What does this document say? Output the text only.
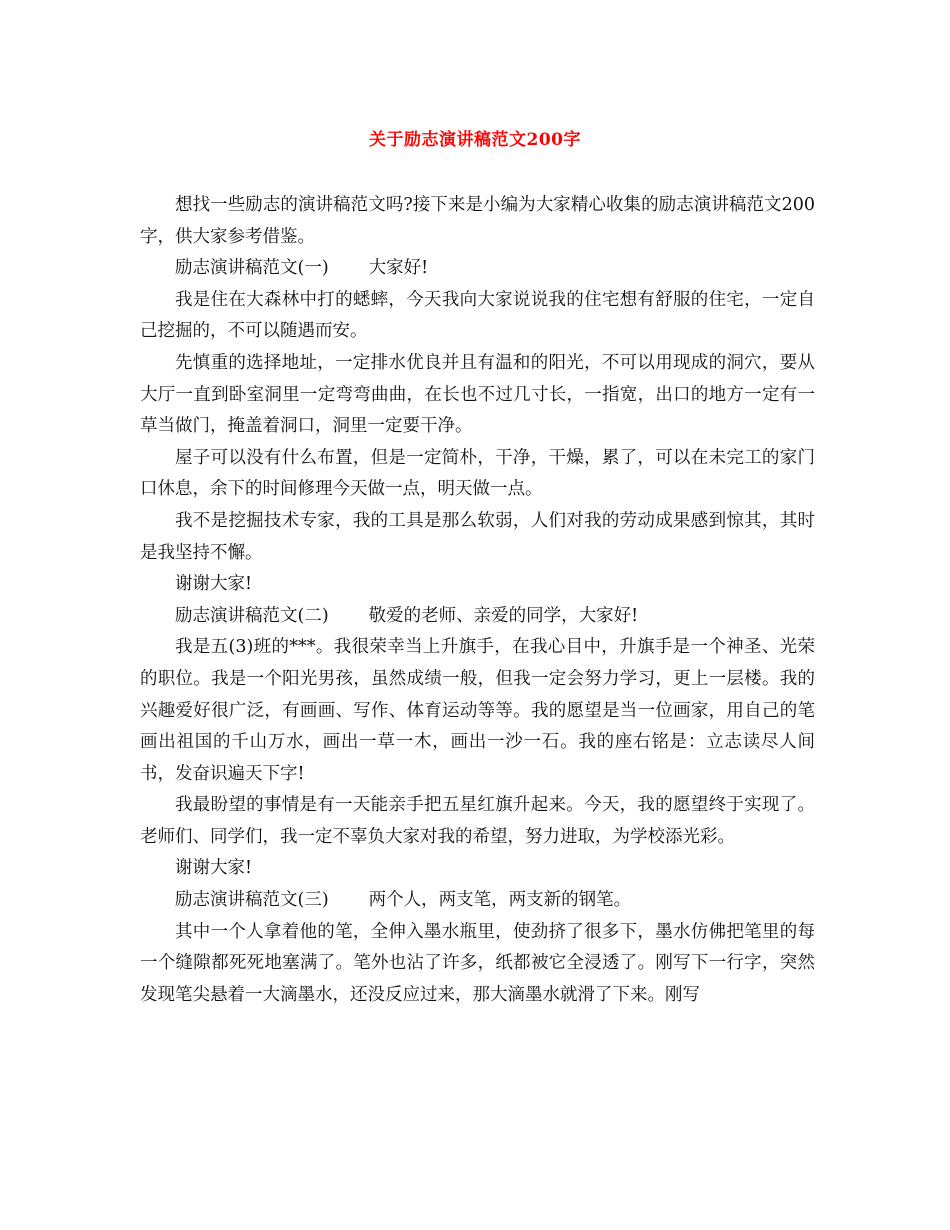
关于励志演讲稿范文200字

想找一些励志的演讲稿范文吗?接下来是小编为大家精心收集的励志演讲稿范文200字，供大家参考借鉴。

励志演讲稿范文(一) 大家好!

我是住在大森林中打的蟋蟀，今天我向大家说说我的住宅想有舒服的住宅，一定自己挖掘的，不可以随遇而安。

先慎重的选择地址，一定排水优良并且有温和的阳光，不可以用现成的洞穴，要从大厅一直到卧室洞里一定弯弯曲曲，在长也不过几寸长，一指宽，出口的地方一定有一草当做门，掩盖着洞口，洞里一定要干净。

屋子可以没有什么布置，但是一定简朴，干净，干燥，累了，可以在未完工的家门口休息，余下的时间修理今天做一点，明天做一点。

我不是挖掘技术专家，我的工具是那么软弱，人们对我的劳动成果感到惊其，其时是我坚持不懈。

谢谢大家!

励志演讲稿范文(二) 敬爱的老师、亲爱的同学，大家好!

我是五(3)班的***。我很荣幸当上升旗手，在我心目中，升旗手是一个神圣、光荣的职位。我是一个阳光男孩，虽然成绩一般，但我一定会努力学习，更上一层楼。我的兴趣爱好很广泛，有画画、写作、体育运动等等。我的愿望是当一位画家，用自己的笔画出祖国的千山万水，画出一草一木，画出一沙一石。我的座右铭是：立志读尽人间书，发奋识遍天下字!

我最盼望的事情是有一天能亲手把五星红旗升起来。今天，我的愿望终于实现了。老师们、同学们，我一定不辜负大家对我的希望，努力进取，为学校添光彩。

谢谢大家!

励志演讲稿范文(三) 两个人，两支笔，两支新的钢笔。

其中一个人拿着他的笔，全伸入墨水瓶里，使劲挤了很多下，墨水仿佛把笔里的每一个缝隙都死死地塞满了。笔外也沾了许多，纸都被它全浸透了。刚写下一行字，突然发现笔尖悬着一大滴墨水，还没反应过来，那大滴墨水就滑了下来。刚写
